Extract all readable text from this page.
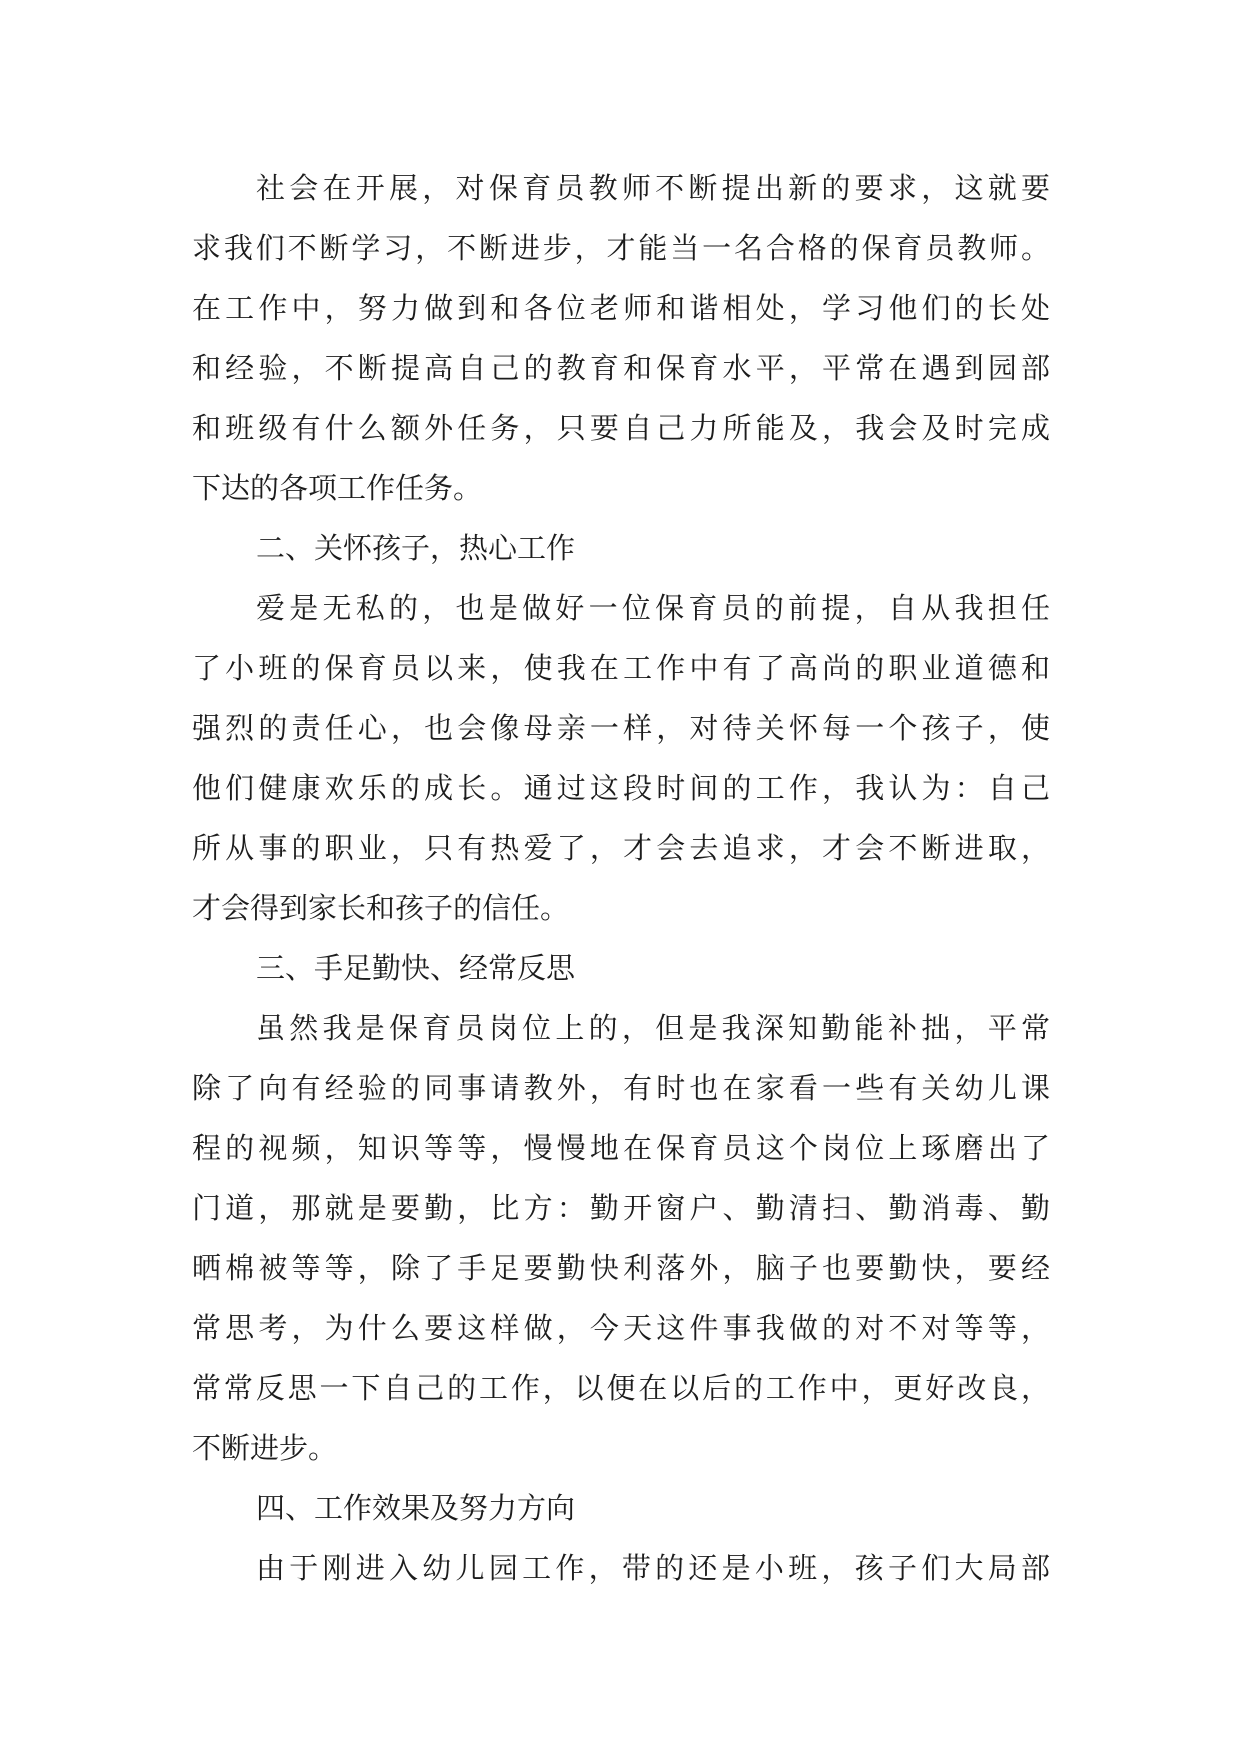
社会在开展，对保育员教师不断提出新的要求，这就要
求我们不断学习，不断进步，才能当一名合格的保育员教师。
在工作中，努力做到和各位老师和谐相处，学习他们的长处
和经验，不断提高自己的教育和保育水平，平常在遇到园部
和班级有什么额外任务，只要自己力所能及，我会及时完成
下达的各项工作任务。
二、关怀孩子，热心工作
爱是无私的，也是做好一位保育员的前提，自从我担任
了小班的保育员以来，使我在工作中有了高尚的职业道德和
强烈的责任心，也会像母亲一样，对待关怀每一个孩子，使
他们健康欢乐的成长。通过这段时间的工作，我认为：自己
所从事的职业，只有热爱了，才会去追求，才会不断进取，
才会得到家长和孩子的信任。
三、手足勤快、经常反思
虽然我是保育员岗位上的，但是我深知勤能补拙，平常
除了向有经验的同事请教外，有时也在家看一些有关幼儿课
程的视频，知识等等，慢慢地在保育员这个岗位上琢磨出了
门道，那就是要勤，比方：勤开窗户、勤清扫、勤消毒、勤
晒棉被等等，除了手足要勤快利落外，脑子也要勤快，要经
常思考，为什么要这样做，今天这件事我做的对不对等等，
常常反思一下自己的工作，以便在以后的工作中，更好改良，
不断进步。
四、工作效果及努力方向
由于刚进入幼儿园工作，带的还是小班，孩子们大局部
